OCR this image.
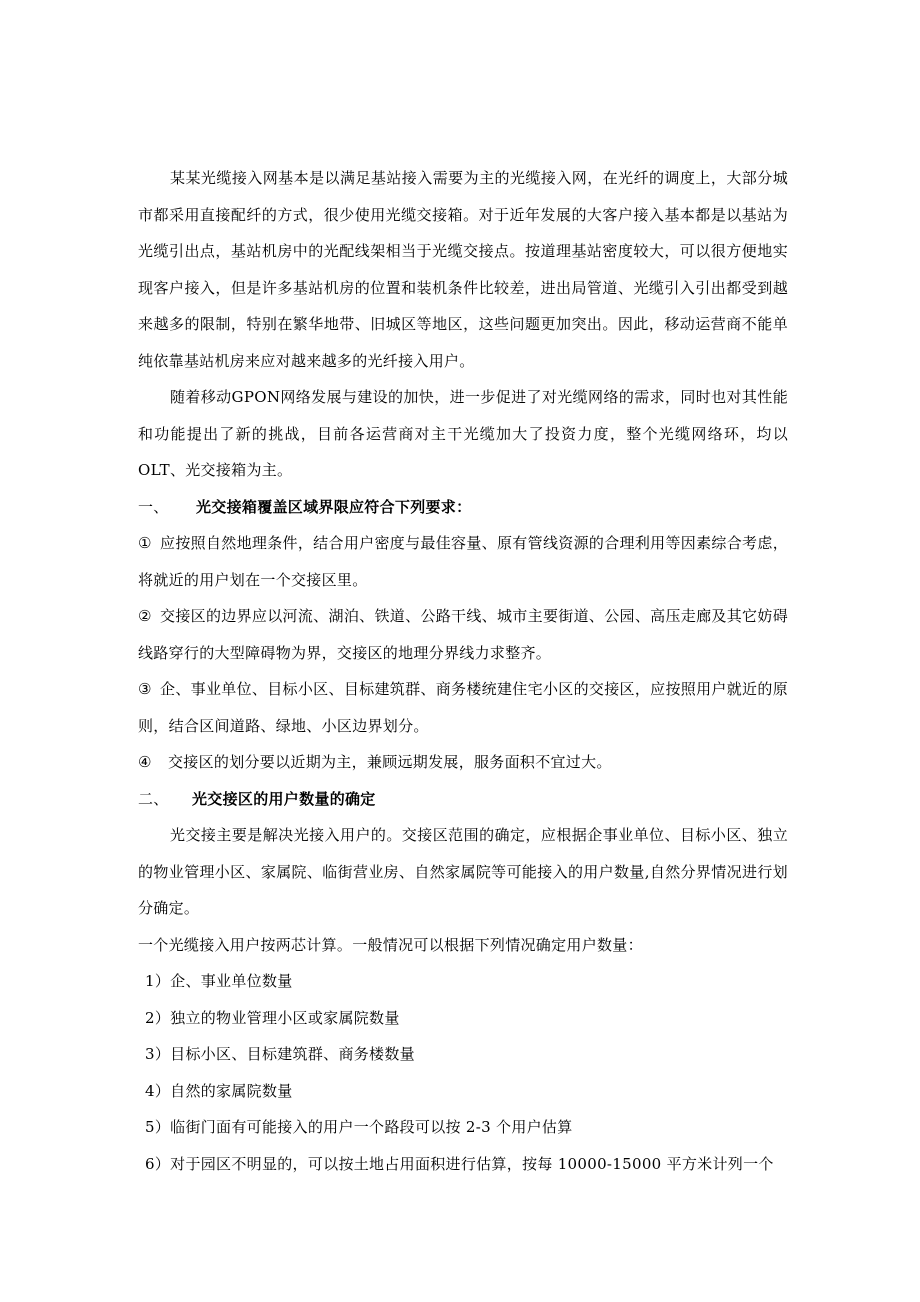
某某光缆接入网基本是以满足基站接入需要为主的光缆接入网，在光纤的调度上，大部分城市都采用直接配纤的方式，很少使用光缆交接箱。对于近年发展的大客户接入基本都是以基站为光缆引出点，基站机房中的光配线架相当于光缆交接点。按道理基站密度较大，可以很方便地实现客户接入，但是许多基站机房的位置和装机条件比较差，进出局管道、光缆引入引出都受到越来越多的限制，特别在繁华地带、旧城区等地区，这些问题更加突出。因此，移动运营商不能单纯依靠基站机房来应对越来越多的光纤接入用户。

随着移动GPON网络发展与建设的加快，进一步促进了对光缆网络的需求，同时也对其性能和功能提出了新的挑战，目前各运营商对主干光缆加大了投资力度，整个光缆网络环，均以OLT、光交接箱为主。

一、 光交接箱覆盖区域界限应符合下列要求：

① 应按照自然地理条件，结合用户密度与最佳容量、原有管线资源的合理利用等因素综合考虑，将就近的用户划在一个交接区里。

② 交接区的边界应以河流、湖泊、铁道、公路干线、城市主要街道、公园、高压走廊及其它妨碍线路穿行的大型障碍物为界，交接区的地理分界线力求整齐。

③ 企、事业单位、目标小区、目标建筑群、商务楼统建住宅小区的交接区，应按照用户就近的原则，结合区间道路、绿地、小区边界划分。

④ 交接区的划分要以近期为主，兼顾远期发展，服务面积不宜过大。

二、 光交接区的用户数量的确定

光交接主要是解决光接入用户的。交接区范围的确定，应根据企事业单位、目标小区、独立的物业管理小区、家属院、临街营业房、自然家属院等可能接入的用户数量,自然分界情况进行划分确定。

一个光缆接入用户按两芯计算。一般情况可以根据下列情况确定用户数量：

1）企、事业单位数量

2）独立的物业管理小区或家属院数量

3）目标小区、目标建筑群、商务楼数量

4）自然的家属院数量

5）临街门面有可能接入的用户一个路段可以按 2-3 个用户估算

6）对于园区不明显的，可以按土地占用面积进行估算，按每 10000-15000 平方米计列一个
